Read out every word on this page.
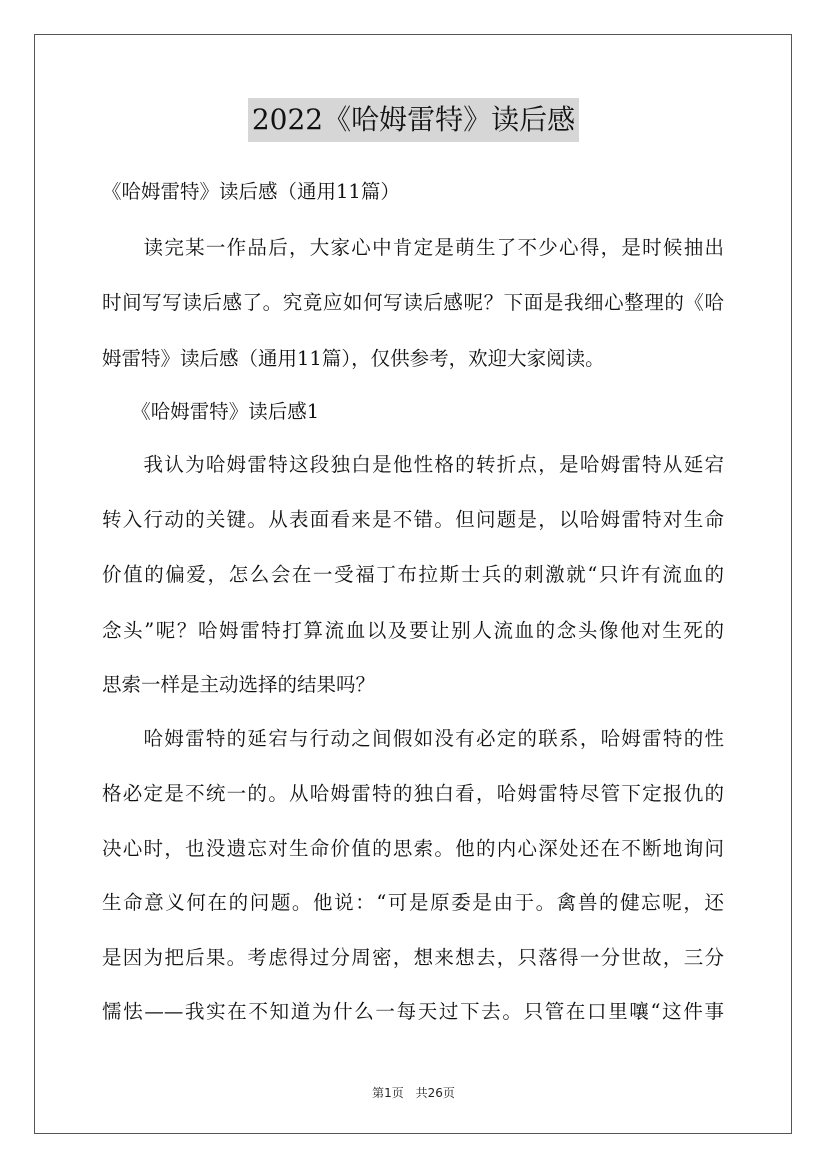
2022《哈姆雷特》读后感
《哈姆雷特》读后感（通用11篇）
　　读完某一作品后，大家心中肯定是萌生了不少心得，是时候抽出
时间写写读后感了。究竟应如何写读后感呢？下面是我细心整理的《哈
姆雷特》读后感（通用11篇），仅供参考，欢迎大家阅读。
　　《哈姆雷特》读后感1
　　我认为哈姆雷特这段独白是他性格的转折点，是哈姆雷特从延宕
转入行动的关键。从表面看来是不错。但问题是，以哈姆雷特对生命
价值的偏爱，怎么会在一受福丁布拉斯士兵的刺激就“只许有流血的
念头”呢？哈姆雷特打算流血以及要让别人流血的念头像他对生死的
思索一样是主动选择的结果吗？
　　哈姆雷特的延宕与行动之间假如没有必定的联系，哈姆雷特的性
格必定是不统一的。从哈姆雷特的独白看，哈姆雷特尽管下定报仇的
决心时，也没遗忘对生命价值的思索。他的内心深处还在不断地询问
生命意义何在的问题。他说：“可是原委是由于。禽兽的健忘呢，还
是因为把后果。考虑得过分周密，想来想去，只落得一分世故，三分
懦怯——我实在不知道为什么一每天过下去。只管在口里嚷“这件事
第1页 共26页
